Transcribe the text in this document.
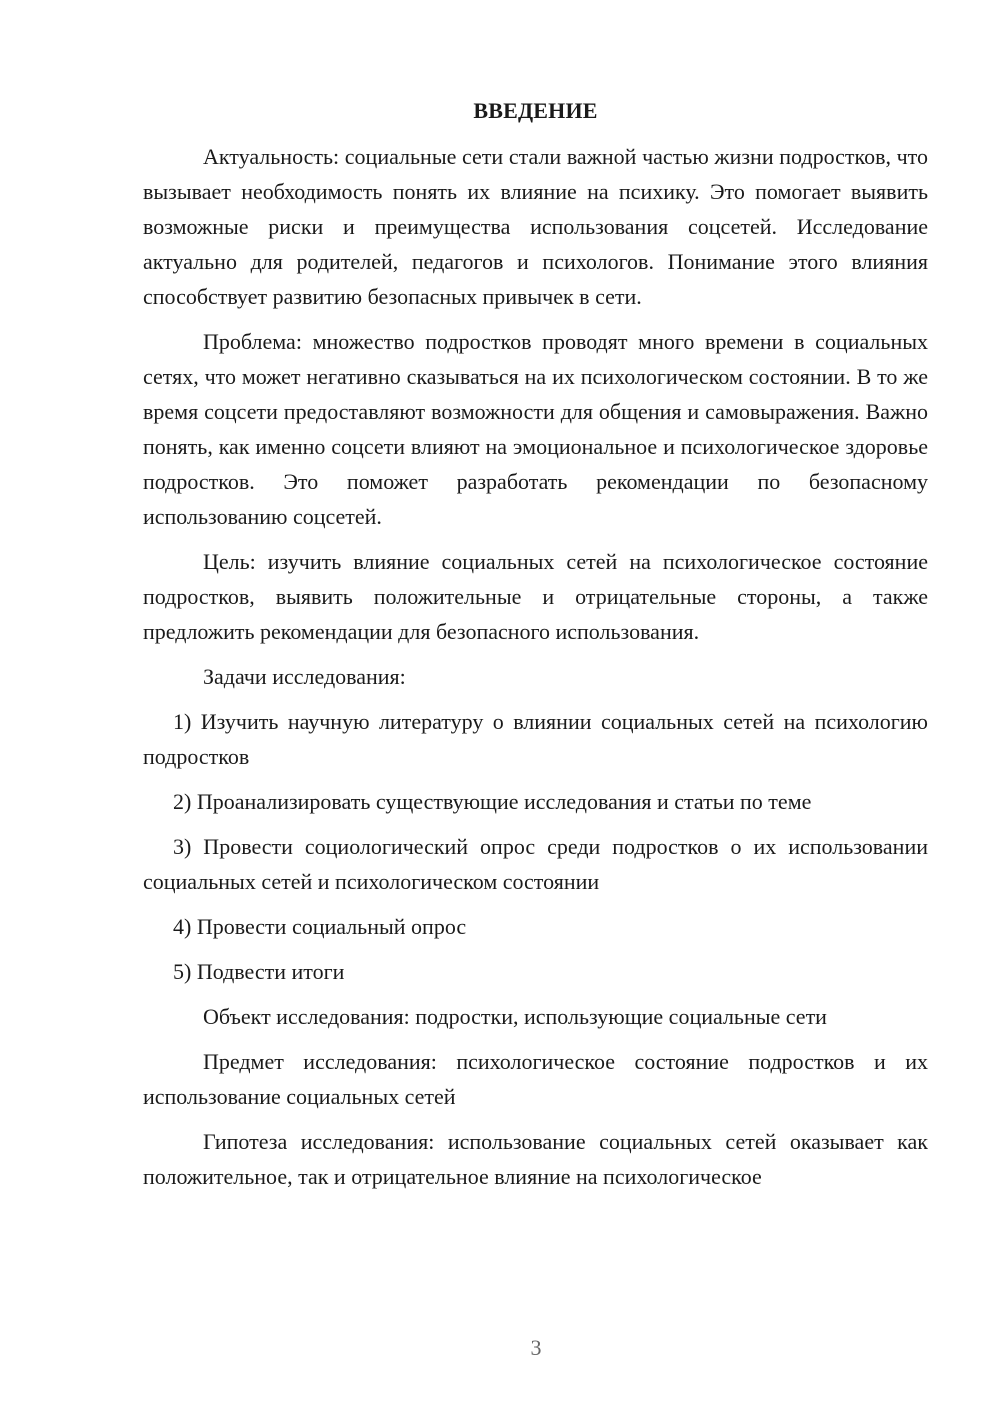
ВВЕДЕНИЕ

Актуальность: социальные сети стали важной частью жизни подростков, что вызывает необходимость понять их влияние на психику. Это помогает выявить возможные риски и преимущества использования соцсетей. Исследование актуально для родителей, педагогов и психологов. Понимание этого влияния способствует развитию безопасных привычек в сети.

Проблема: множество подростков проводят много времени в социальных сетях, что может негативно сказываться на их психологическом состоянии. В то же время соцсети предоставляют возможности для общения и самовыражения. Важно понять, как именно соцсети влияют на эмоциональное и психологическое здоровье подростков. Это поможет разработать рекомендации по безопасному использованию соцсетей.

Цель: изучить влияние социальных сетей на психологическое состояние подростков, выявить положительные и отрицательные стороны, а также предложить рекомендации для безопасного использования.

Задачи исследования:

1) Изучить научную литературу о влиянии социальных сетей на психологию подростков

2) Проанализировать существующие исследования и статьи по теме

3) Провести социологический опрос среди подростков о их использовании социальных сетей и психологическом состоянии

4) Провести социальный опрос

5) Подвести итоги

Объект исследования: подростки, использующие социальные сети

Предмет исследования: психологическое состояние подростков и их использование социальных сетей

Гипотеза исследования: использование социальных сетей оказывает как положительное, так и отрицательное влияние на психологическое

3
